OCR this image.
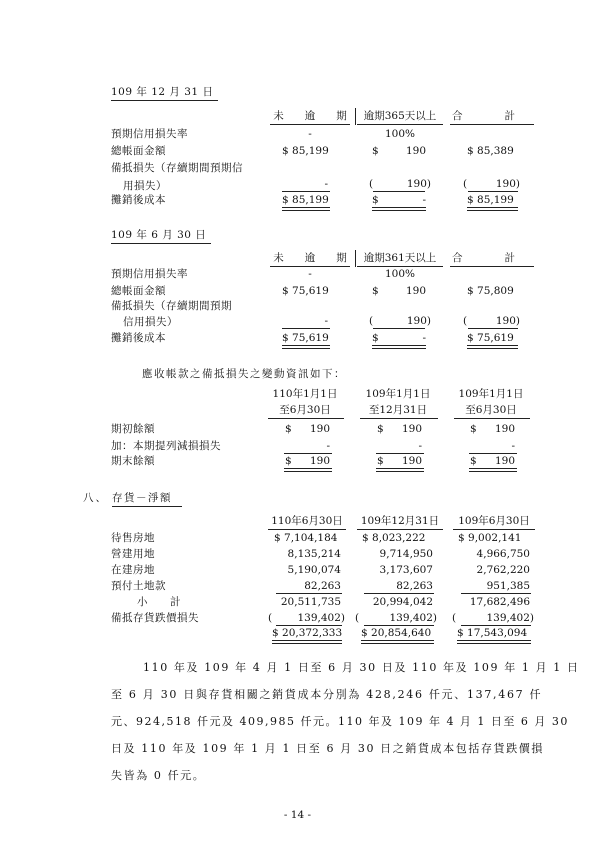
109 年 12 月 31 日
未　　逾　　期	逾期365天以上	合　　　　計
預期信用損失率	-	100%
總帳面金額	$ 85,199	$	190	$ 85,389
備抵損失（存續期間預期信
用損失）	-	(	190)	(	190)
攤銷後成本	$ 85,199	$	-	$ 85,199
109 年 6 月 30 日
未　　逾　　期	逾期361天以上	合　　　　計
預期信用損失率	-	100%
總帳面金額	$ 75,619	$	190	$ 75,809
備抵損失（存續期間預期
信用損失）	-	(	190)	(	190)
攤銷後成本	$ 75,619	$	-	$ 75,619
應收帳款之備抵損失之變動資訊如下：
110年1月1日	109年1月1日	109年1月1日
至6月30日	至12月31日	至6月30日
期初餘額	$	190	$	190	$	190
加：本期提列減損損失	-	-	-
期末餘額	$	190	$	190	$	190
八、 存貨－淨額
110年6月30日	109年12月31日	109年6月30日
待售房地	$ 7,104,184 $ 8,023,222	$ 9,002,141
營建用地	8,135,214	9,714,950	4,966,750
在建房地	5,190,074	3,173,607	2,762,220
預付土地款	82,263	82,263	951,385
小　　計	20,511,735	20,994,042	17,682,496
備抵存貨跌價損失	(	139,402) (	139,402) (	139,402)
$ 20,372,333 $ 20,854,640 $ 17,543,094
110 年及 109 年 4 月 1 日至 6 月 30 日及 110 年及 109 年 1 月 1 日
至 6 月 30 日與存貨相關之銷貨成本分別為 428,246 仟元、137,467 仟
元、924,518 仟元及 409,985 仟元。110 年及 109 年 4 月 1 日至 6 月 30
日及 110 年及 109 年 1 月 1 日至 6 月 30 日之銷貨成本包括存貨跌價損
失皆為 0 仟元。
- 14 -
